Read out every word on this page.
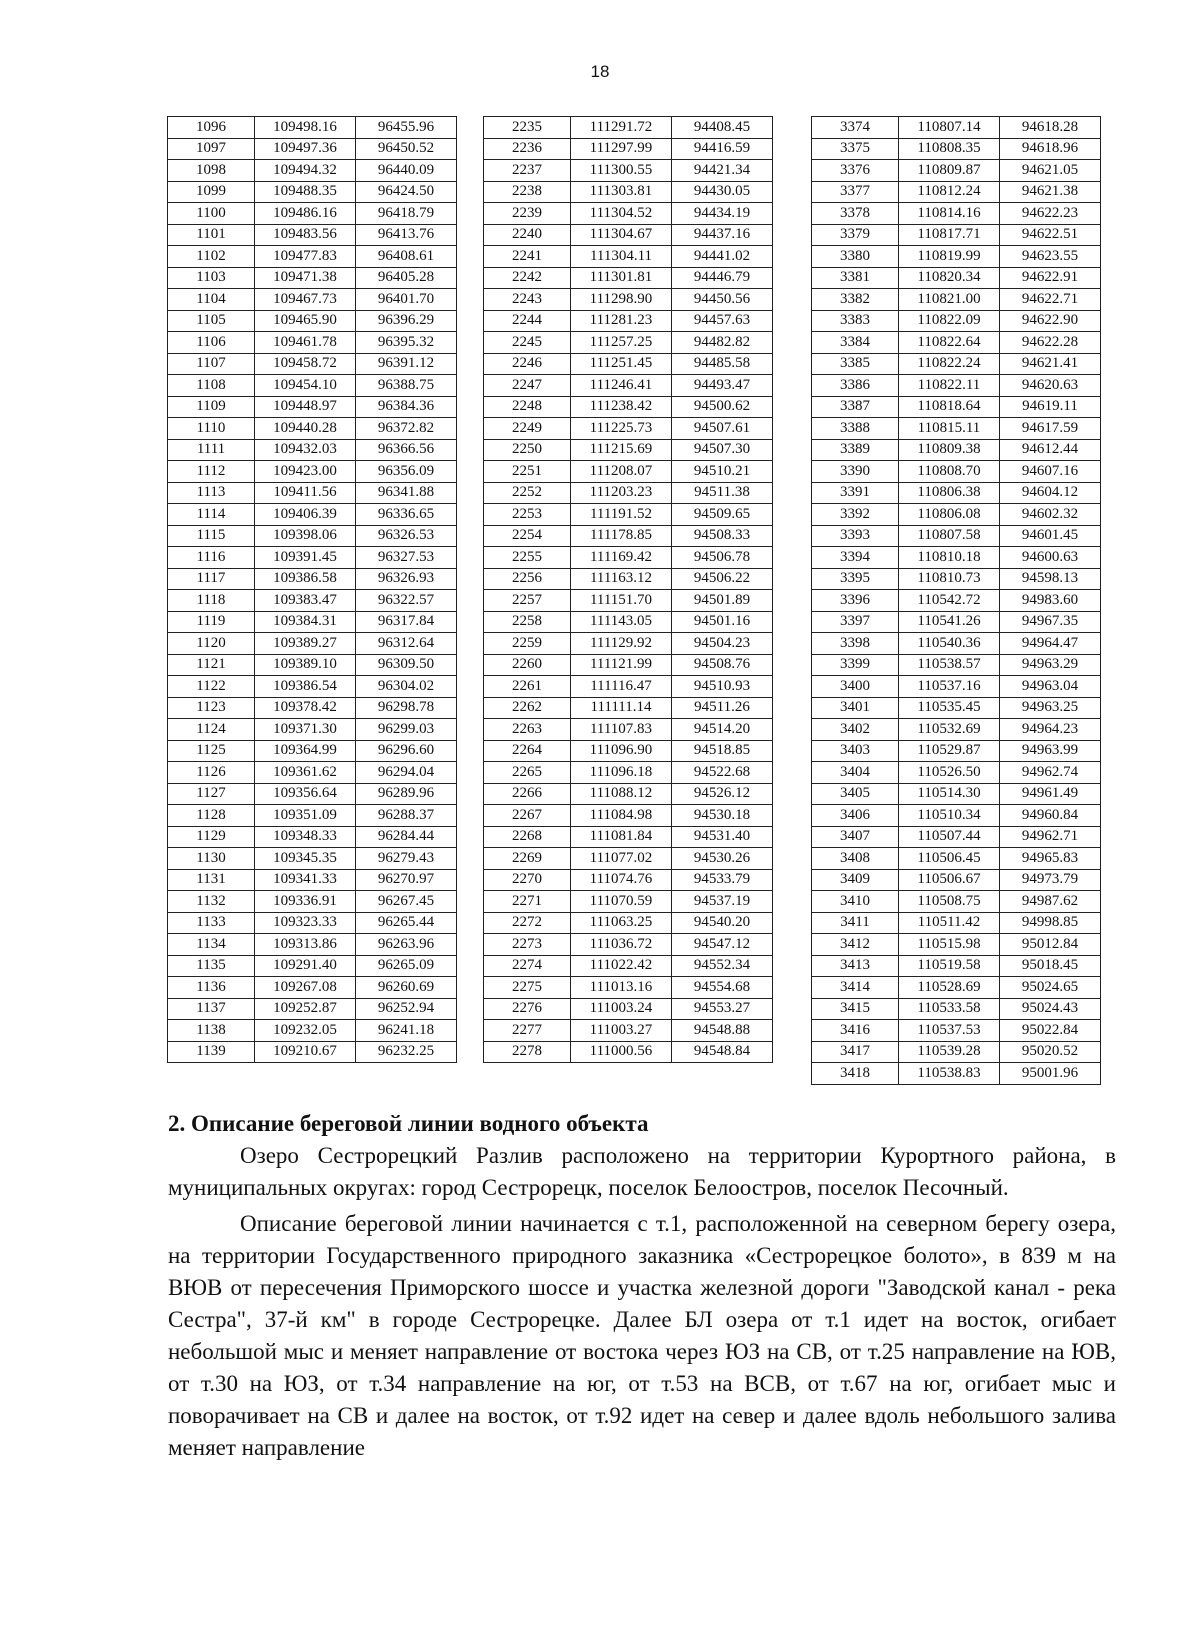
18
1096	109498.16	96455.96
1097	109497.36	96450.52
1098	109494.32	96440.09
1099	109488.35	96424.50
1100	109486.16	96418.79
1101	109483.56	96413.76
1102	109477.83	96408.61
1103	109471.38	96405.28
1104	109467.73	96401.70
1105	109465.90	96396.29
1106	109461.78	96395.32
1107	109458.72	96391.12
1108	109454.10	96388.75
1109	109448.97	96384.36
1110	109440.28	96372.82
1111	109432.03	96366.56
1112	109423.00	96356.09
1113	109411.56	96341.88
1114	109406.39	96336.65
1115	109398.06	96326.53
1116	109391.45	96327.53
1117	109386.58	96326.93
1118	109383.47	96322.57
1119	109384.31	96317.84
1120	109389.27	96312.64
1121	109389.10	96309.50
1122	109386.54	96304.02
1123	109378.42	96298.78
1124	109371.30	96299.03
1125	109364.99	96296.60
1126	109361.62	96294.04
1127	109356.64	96289.96
1128	109351.09	96288.37
1129	109348.33	96284.44
1130	109345.35	96279.43
1131	109341.33	96270.97
1132	109336.91	96267.45
1133	109323.33	96265.44
1134	109313.86	96263.96
1135	109291.40	96265.09
1136	109267.08	96260.69
1137	109252.87	96252.94
1138	109232.05	96241.18
1139	109210.67	96232.25
2235	111291.72	94408.45
2236	111297.99	94416.59
2237	111300.55	94421.34
2238	111303.81	94430.05
2239	111304.52	94434.19
2240	111304.67	94437.16
2241	111304.11	94441.02
2242	111301.81	94446.79
2243	111298.90	94450.56
2244	111281.23	94457.63
2245	111257.25	94482.82
2246	111251.45	94485.58
2247	111246.41	94493.47
2248	111238.42	94500.62
2249	111225.73	94507.61
2250	111215.69	94507.30
2251	111208.07	94510.21
2252	111203.23	94511.38
2253	111191.52	94509.65
2254	111178.85	94508.33
2255	111169.42	94506.78
2256	111163.12	94506.22
2257	111151.70	94501.89
2258	111143.05	94501.16
2259	111129.92	94504.23
2260	111121.99	94508.76
2261	111116.47	94510.93
2262	111111.14	94511.26
2263	111107.83	94514.20
2264	111096.90	94518.85
2265	111096.18	94522.68
2266	111088.12	94526.12
2267	111084.98	94530.18
2268	111081.84	94531.40
2269	111077.02	94530.26
2270	111074.76	94533.79
2271	111070.59	94537.19
2272	111063.25	94540.20
2273	111036.72	94547.12
2274	111022.42	94552.34
2275	111013.16	94554.68
2276	111003.24	94553.27
2277	111003.27	94548.88
2278	111000.56	94548.84
3374	110807.14	94618.28
3375	110808.35	94618.96
3376	110809.87	94621.05
3377	110812.24	94621.38
3378	110814.16	94622.23
3379	110817.71	94622.51
3380	110819.99	94623.55
3381	110820.34	94622.91
3382	110821.00	94622.71
3383	110822.09	94622.90
3384	110822.64	94622.28
3385	110822.24	94621.41
3386	110822.11	94620.63
3387	110818.64	94619.11
3388	110815.11	94617.59
3389	110809.38	94612.44
3390	110808.70	94607.16
3391	110806.38	94604.12
3392	110806.08	94602.32
3393	110807.58	94601.45
3394	110810.18	94600.63
3395	110810.73	94598.13
3396	110542.72	94983.60
3397	110541.26	94967.35
3398	110540.36	94964.47
3399	110538.57	94963.29
3400	110537.16	94963.04
3401	110535.45	94963.25
3402	110532.69	94964.23
3403	110529.87	94963.99
3404	110526.50	94962.74
3405	110514.30	94961.49
3406	110510.34	94960.84
3407	110507.44	94962.71
3408	110506.45	94965.83
3409	110506.67	94973.79
3410	110508.75	94987.62
3411	110511.42	94998.85
3412	110515.98	95012.84
3413	110519.58	95018.45
3414	110528.69	95024.65
3415	110533.58	95024.43
3416	110537.53	95022.84
3417	110539.28	95020.52
3418	110538.83	95001.96

2. Описание береговой линии водного объекта

Озеро Сестрорецкий Разлив расположено на территории Курортного района, в муниципальных округах: город Сестрорецк, поселок Белоостров, поселок Песочный.

Описание береговой линии начинается с т.1, расположенной на северном берегу озера, на территории Государственного природного заказника «Сестрорецкое болото», в 839 м на ВЮВ от пересечения Приморского шоссе и участка железной дороги "Заводской канал - река Сестра", 37-й км" в городе Сестрорецке. Далее БЛ озера от т.1 идет на восток, огибает небольшой мыс и меняет направление от востока через ЮЗ на СВ, от т.25 направление на ЮВ, от т.30 на ЮЗ, от т.34 направление на юг, от т.53 на ВСВ, от т.67 на юг, огибает мыс и поворачивает на СВ и далее на восток, от т.92 идет на север и далее вдоль небольшого залива меняет направление
